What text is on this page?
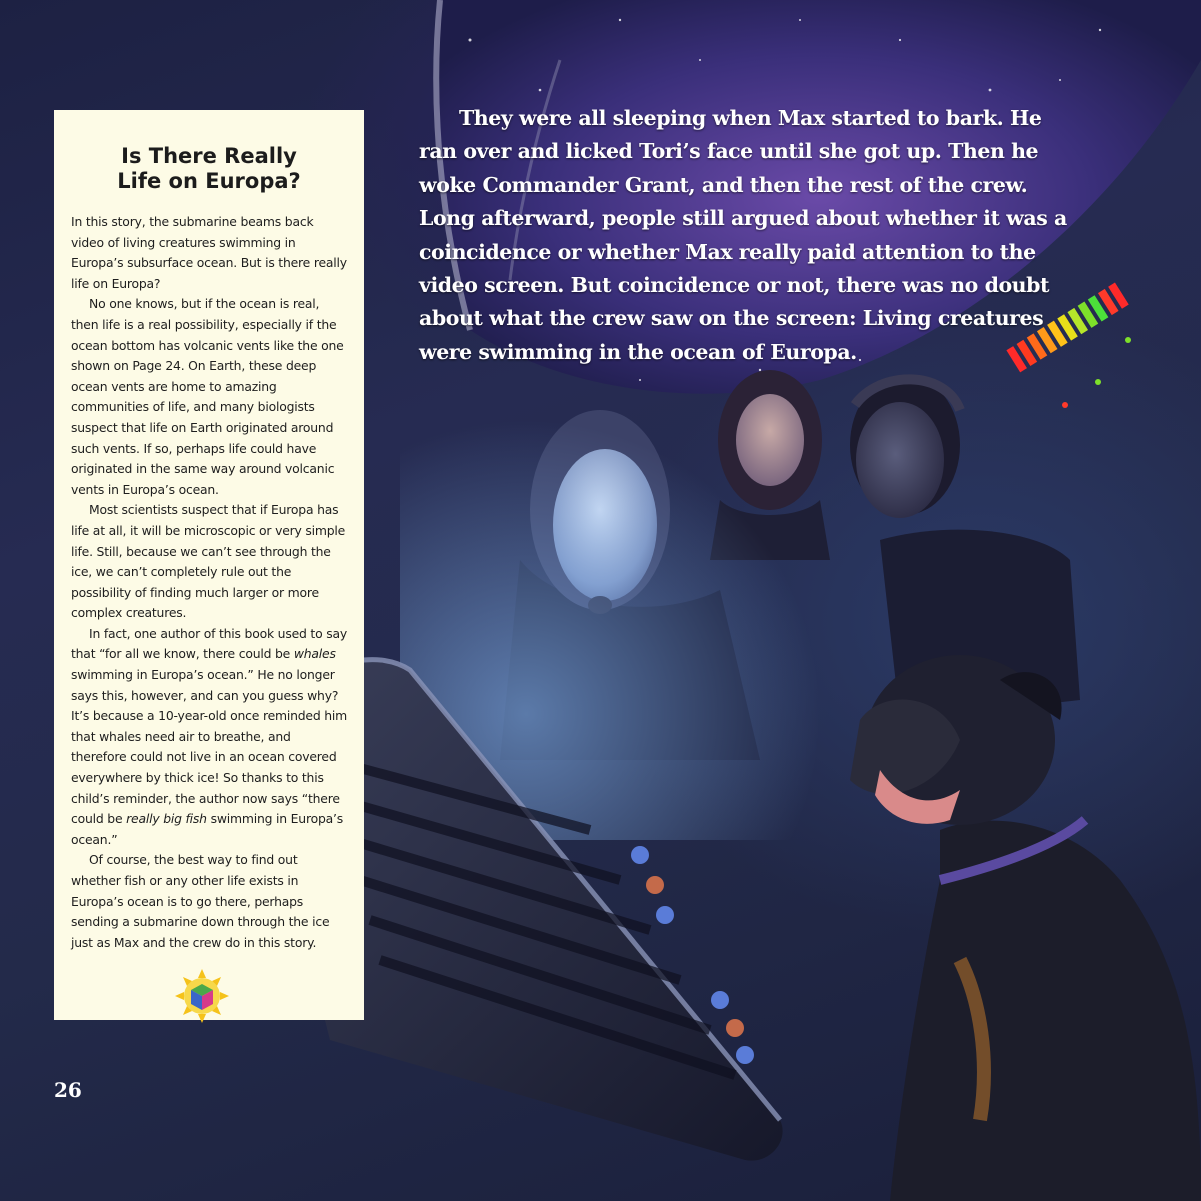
Is There Really Life on Europa?

In this story, the submarine beams back video of living creatures swimming in Europa’s subsurface ocean. But is there really life on Europa?

No one knows, but if the ocean is real, then life is a real possibility, especially if the ocean bottom has volcanic vents like the one shown on Page 24. On Earth, these deep ocean vents are home to amazing communities of life, and many biologists suspect that life on Earth originated around such vents. If so, perhaps life could have originated in the same way around volcanic vents in Europa’s ocean.

Most scientists suspect that if Europa has life at all, it will be microscopic or very simple life. Still, because we can’t see through the ice, we can’t completely rule out the possibility of finding much larger or more complex creatures.

In fact, one author of this book used to say that “for all we know, there could be whales swimming in Europa’s ocean.” He no longer says this, however, and can you guess why? It’s because a 10-year-old once reminded him that whales need air to breathe, and therefore could not live in an ocean covered everywhere by thick ice! So thanks to this child’s reminder, the author now says “there could be really big fish swimming in Europa’s ocean.”

Of course, the best way to find out whether fish or any other life exists in Europa’s ocean is to go there, perhaps sending a submarine down through the ice just as Max and the crew do in this story.

They were all sleeping when Max started to bark. He ran over and licked Tori’s face until she got up. Then he woke Commander Grant, and then the rest of the crew. Long afterward, people still argued about whether it was a coincidence or whether Max really paid attention to the video screen. But coincidence or not, there was no doubt about what the crew saw on the screen: Living creatures were swimming in the ocean of Europa.

26
